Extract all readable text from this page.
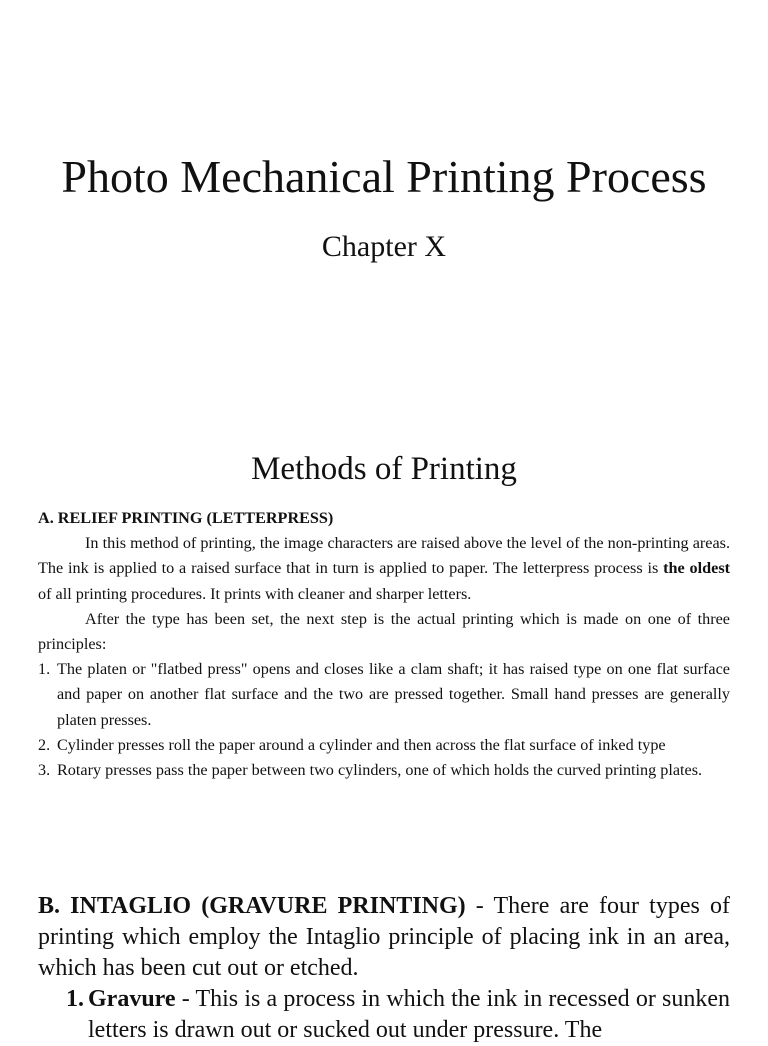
Photo Mechanical Printing Process
Chapter X
Methods of Printing
A. RELIEF PRINTING (LETTERPRESS)

In this method of printing, the image characters are raised above the level of the non-printing areas. The ink is applied to a raised surface that in turn is applied to paper. The letterpress process is the oldest of all printing procedures. It prints with cleaner and sharper letters.

After the type has been set, the next step is the actual printing which is made on one of three principles:

1. The platen or "flatbed press" opens and closes like a clam shaft; it has raised type on one flat surface and paper on another flat surface and the two are pressed together. Small hand presses are generally platen presses.
2. Cylinder presses roll the paper around a cylinder and then across the flat surface of inked type
3. Rotary presses pass the paper between two cylinders, one of which holds the curved printing plates.

B. INTAGLIO (GRAVURE PRINTING) - There are four types of printing which employ the Intaglio principle of placing ink in an area, which has been cut out or etched.

1. Gravure - This is a process in which the ink in recessed or sunken letters is drawn out or sucked out under pressure. The
